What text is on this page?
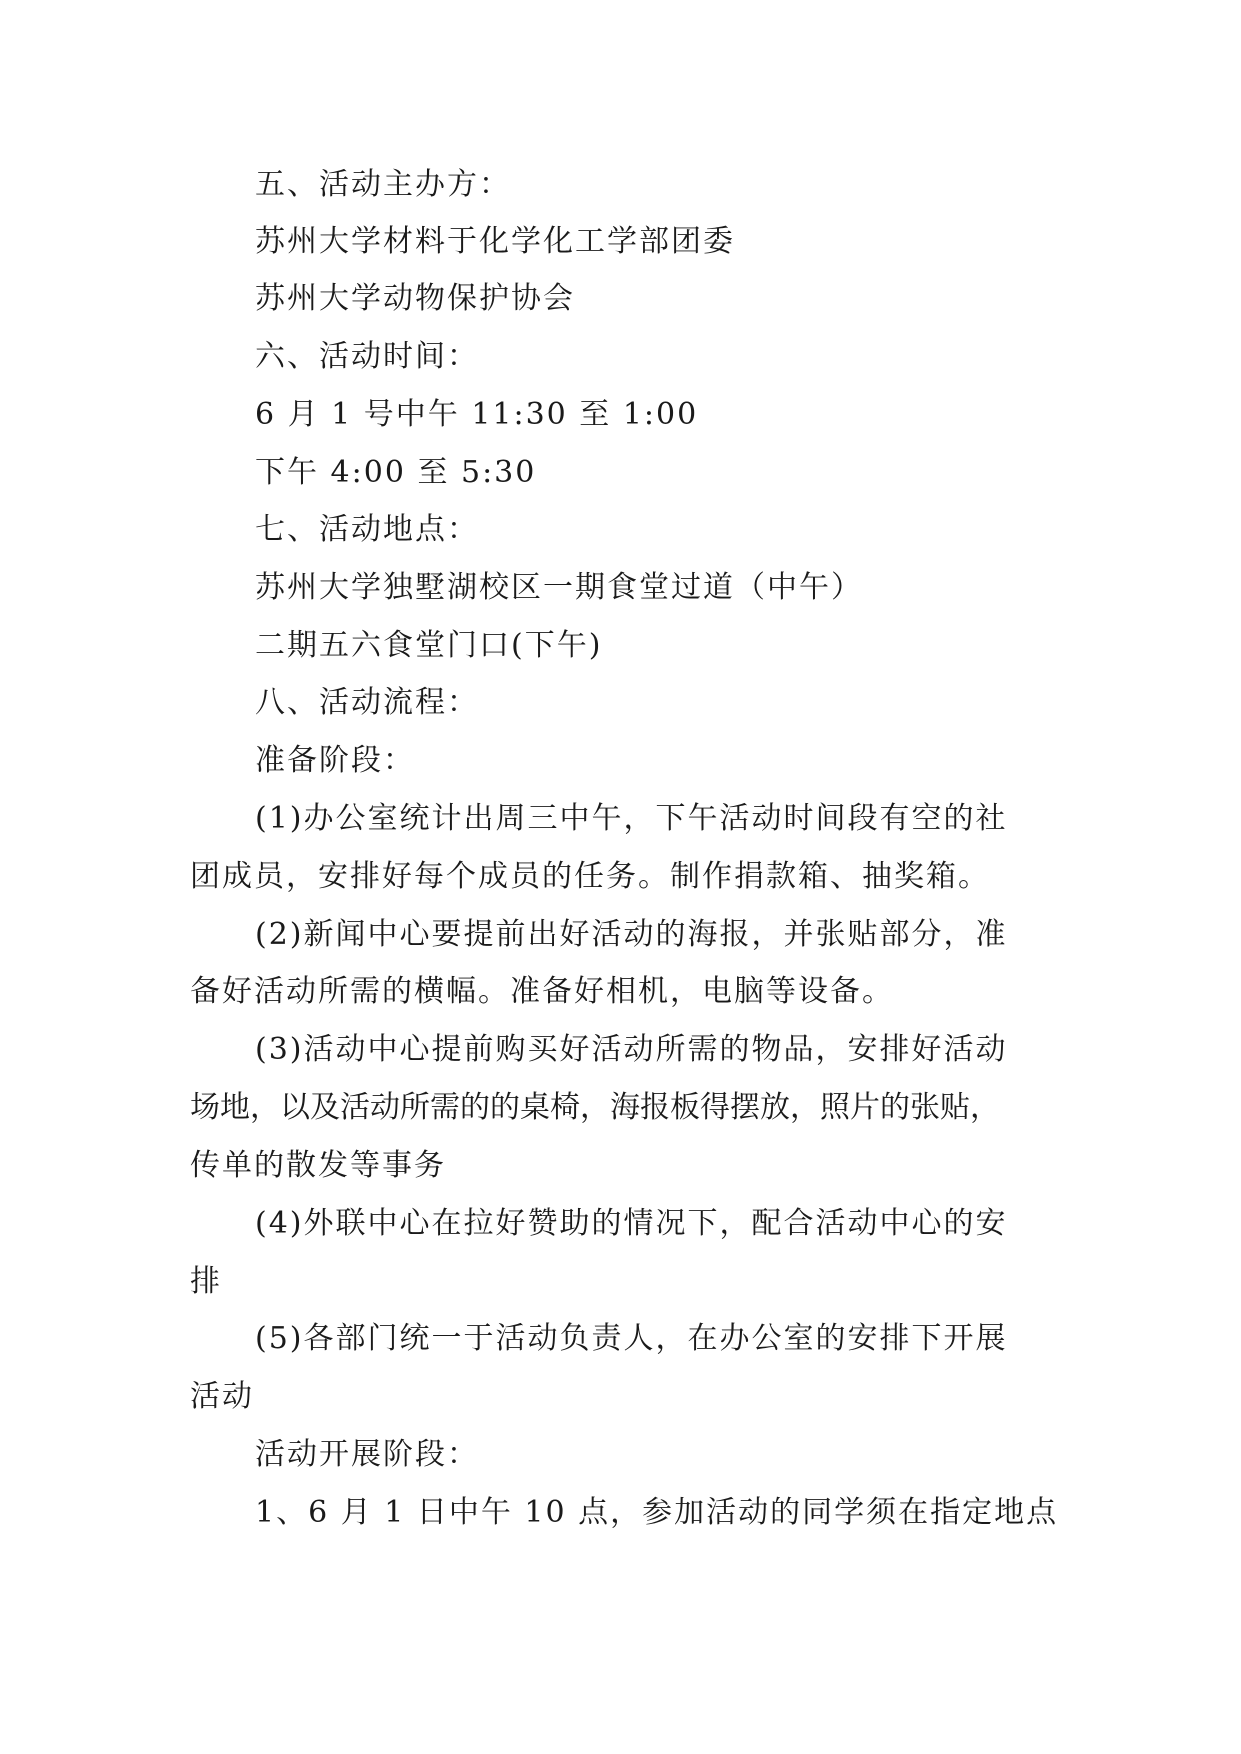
五、活动主办方：
苏州大学材料于化学化工学部团委
苏州大学动物保护协会
六、活动时间：
6 月 1 号中午 11:30 至 1:00
下午 4:00 至 5:30
七、活动地点：
苏州大学独墅湖校区一期食堂过道（中午）
二期五六食堂门口(下午)
八、活动流程：
准备阶段：
(1)办公室统计出周三中午，下午活动时间段有空的社
团成员，安排好每个成员的任务。制作捐款箱、抽奖箱。
(2)新闻中心要提前出好活动的海报，并张贴部分，准
备好活动所需的横幅。准备好相机，电脑等设备。
(3)活动中心提前购买好活动所需的物品，安排好活动
场地，以及活动所需的的桌椅，海报板得摆放，照片的张贴，
传单的散发等事务
(4)外联中心在拉好赞助的情况下，配合活动中心的安
排
(5)各部门统一于活动负责人，在办公室的安排下开展
活动
活动开展阶段：
1、6 月 1 日中午 10 点，参加活动的同学须在指定地点
